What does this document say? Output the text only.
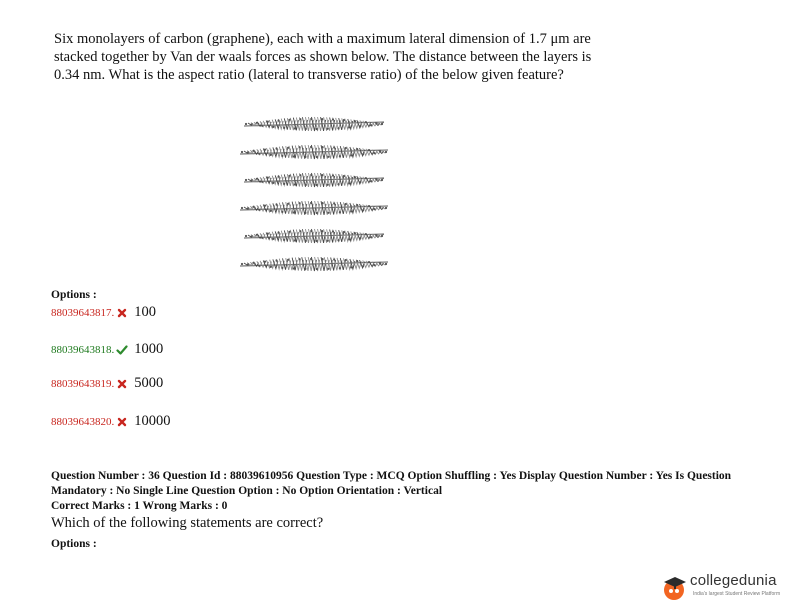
Six monolayers of carbon (graphene), each with a maximum lateral dimension of 1.7 μm are stacked together by Van der waals forces as shown below. The distance between the layers is 0.34 nm. What is the aspect ratio (lateral to transverse ratio) of the below given feature?
Options :
88039643817. 100
88039643818. 1000
88039643819. 5000
88039643820. 10000
Question Number : 36 Question Id : 88039610956 Question Type : MCQ Option Shuffling : Yes Display Question Number : Yes Is Question Mandatory : No Single Line Question Option : No Option Orientation : Vertical
Correct Marks : 1 Wrong Marks : 0
Which of the following statements are correct?
Options :
collegedunia
India's largest Student Review Platform
